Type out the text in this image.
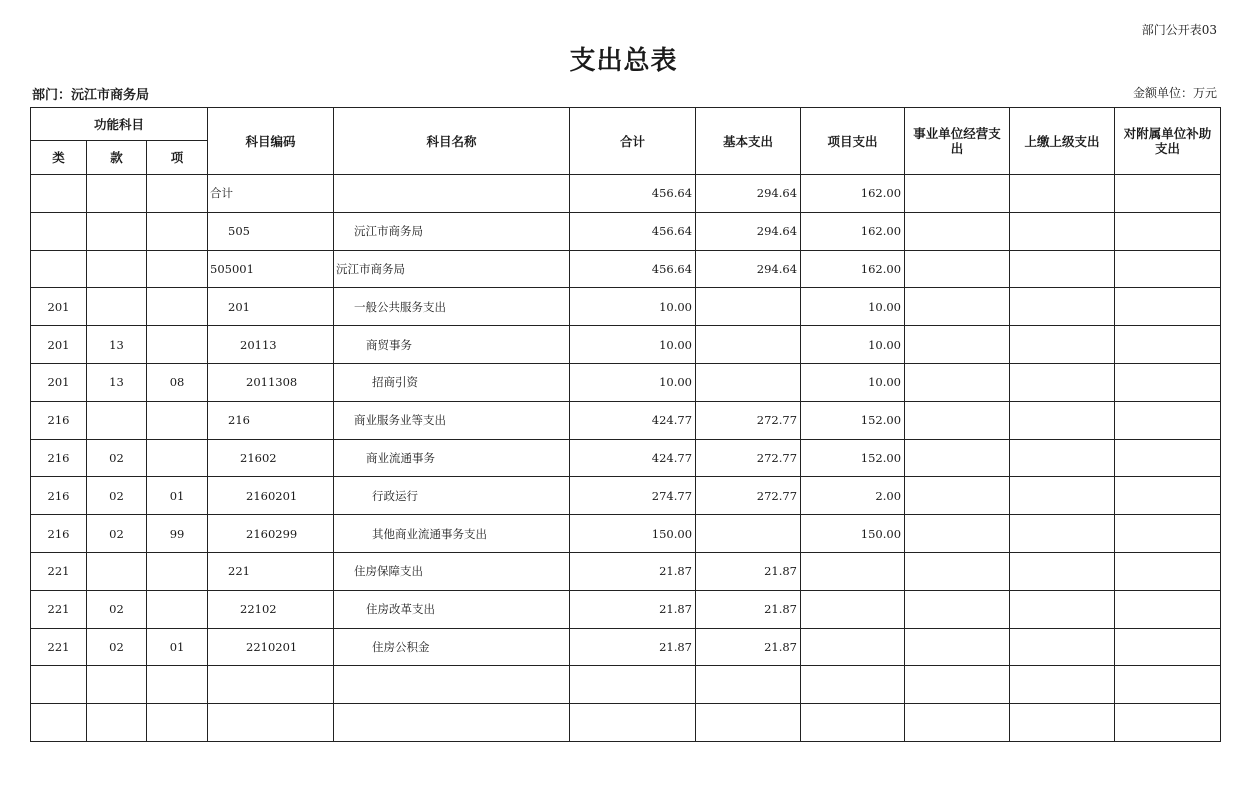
部门公开表03
支出总表
部门：沅江市商务局	金额单位：万元
功能科目			科目编码	科目名称	合计	基本支出	项目支出	事业单位经营支出	上缴上级支出	对附属单位补助支出
类	款	项								
			合计		456.64	294.64	162.00			
			505	沅江市商务局	456.64	294.64	162.00			
			505001	沅江市商务局	456.64	294.64	162.00			
201			201	一般公共服务支出	10.00		10.00			
201	13		20113	商贸事务	10.00		10.00			
201	13	08	2011308	招商引资	10.00		10.00			
216			216	商业服务业等支出	424.77	272.77	152.00			
216	02		21602	商业流通事务	424.77	272.77	152.00			
216	02	01	2160201	行政运行	274.77	272.77	2.00			
216	02	99	2160299	其他商业流通事务支出	150.00		150.00			
221			221	住房保障支出	21.87	21.87				
221	02		22102	住房改革支出	21.87	21.87				
221	02	01	2210201	住房公积金	21.87	21.87				
